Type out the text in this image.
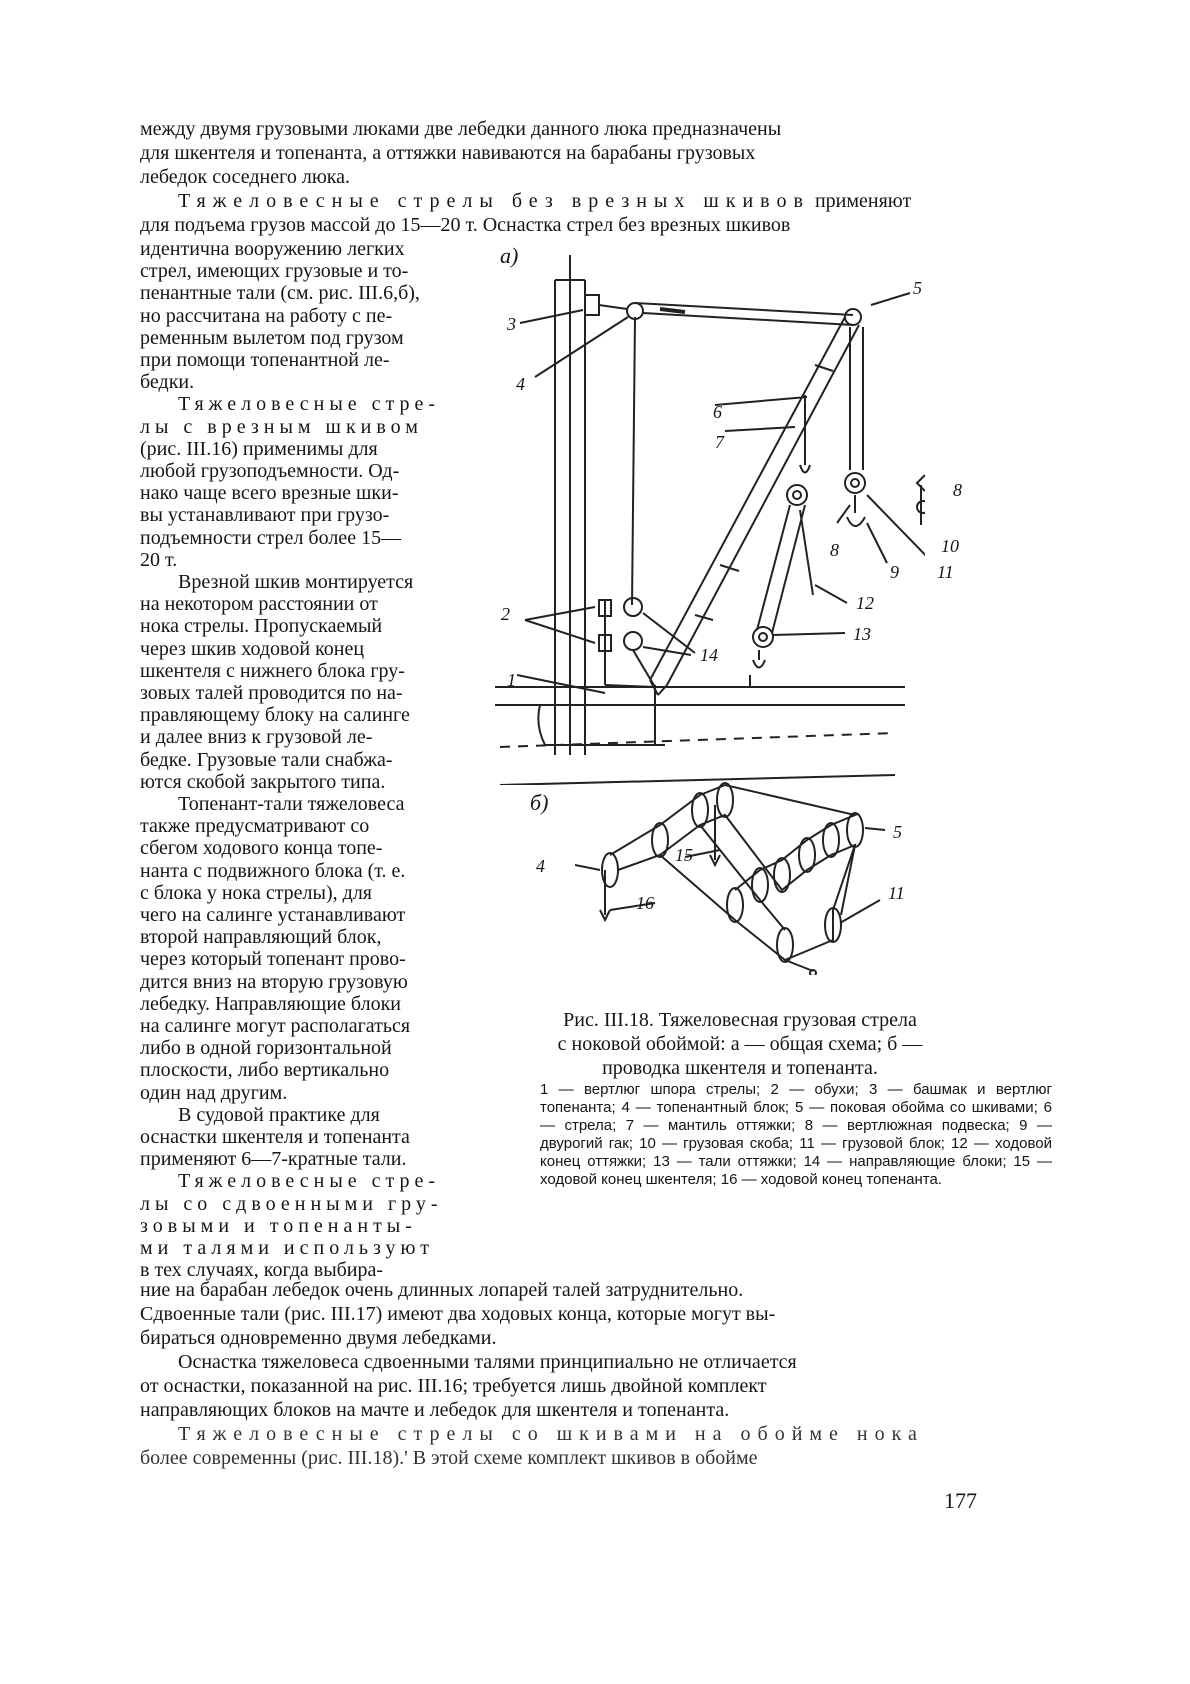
между двумя грузовыми люками две лебедки данного люка предназначены
для шкентеля и топенанта, а оттяжки навиваются на барабаны грузовых
лебедок соседнего люка.
Тяжеловесные стрелы без врезных шкивов применяют
для подъема грузов массой до 15—20 т. Оснастка стрел без врезных шкивов
идентична вооружению легких
стрел, имеющих грузовые и то-
пенантные тали (см. рис. III.6,б),
но рассчитана на работу с пе-
ременным вылетом под грузом
при помощи топенантной ле-
бедки.
Тяжеловесные стре-
лы с врезным шкивом
(рис. III.16) применимы для
любой грузоподъемности. Од-
нако чаще всего врезные шки-
вы устанавливают при грузо-
подъемности стрел более 15—
20 т.
Врезной шкив монтируется
на некотором расстоянии от
нока стрелы. Пропускаемый
через шкив ходовой конец
шкентеля с нижнего блока гру-
зовых талей проводится по на-
правляющему блоку на салинге
и далее вниз к грузовой ле-
бедке. Грузовые тали снабжа-
ются скобой закрытого типа.
Топенант-тали тяжеловеса
также предусматривают со
сбегом ходового конца топе-
нанта с подвижного блока (т. е.
с блока у нока стрелы), для
чего на салинге устанавливают
второй направляющий блок,
через который топенант прово-
дится вниз на вторую грузовую
лебедку. Направляющие блоки
на салинге могут располагаться
либо в одной горизонтальной
плоскости, либо вертикально
один над другим.
В судовой практике для
оснастки шкентеля и топенанта
применяют 6—7-кратные тали.
Тяжеловесные стре-
лы со сдвоенными гру-
зовыми и топенанты-
ми талями используют
в тех случаях, когда выбира-
ние на барабан лебедок очень длинных лопарей талей затруднительно.
Сдвоенные тали (рис. III.17) имеют два ходовых конца, которые могут вы-
бираться одновременно двумя лебедками.
Оснастка тяжеловеса сдвоенными талями принципиально не отличается
от оснастки, показанной на рис. III.16; требуется лишь двойной комплект
направляющих блоков на мачте и лебедок для шкентеля и топенанта.
Тяжеловесные стрелы со шкивами на обойме нока
более современны (рис. III.18).' В этой схеме комплект шкивов в обойме
177
а)
б)
1
2
3
4
5
6
7
8
8
9
10
11
11
12
13
14
15
16
4
5
Рис. III.18. Тяжеловесная грузовая стрела
с ноковой обоймой: а — общая схема; б —
проводка шкентеля и топенанта.
1 — вертлюг шпора стрелы; 2 — обухи; 3 — башмак и вертлюг топенанта; 4 — топенантный блок; 5 — поковая обойма со шкивами; 6 — стрела; 7 — мантиль оттяжки; 8 — вертлюжная подвеска; 9 — двурогий гак; 10 — грузовая скоба; 11 — грузовой блок; 12 — ходовой конец оттяжки; 13 — тали оттяжки; 14 — направляющие блоки; 15 — ходовой конец шкентеля; 16 — ходовой конец топенанта.
